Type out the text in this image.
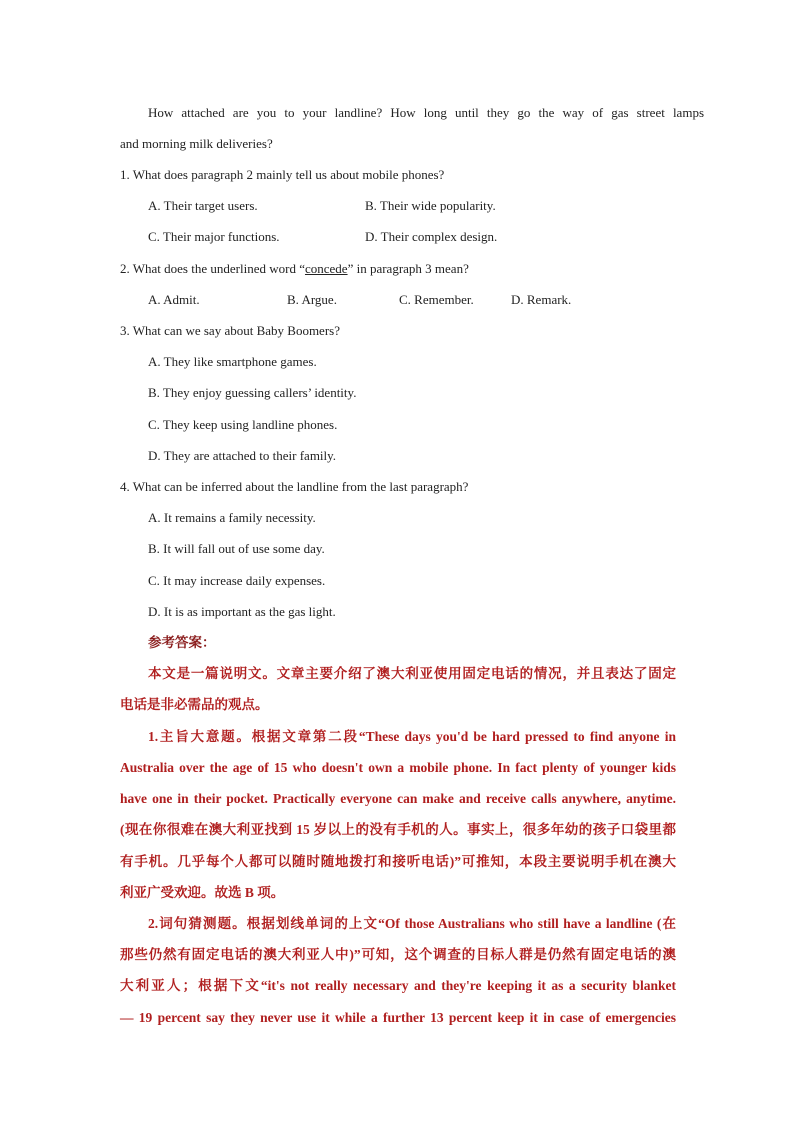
How attached are you to your landline? How long until they go the way of gas street lamps
and morning milk deliveries?
1. What does paragraph 2 mainly tell us about mobile phones?
A. Their target users.	B. Their wide popularity.
C. Their major functions.	D. Their complex design.
2. What does the underlined word “concede” in paragraph 3 mean?
A. Admit.	B. Argue.	C. Remember.	D. Remark.
3. What can we say about Baby Boomers?
A. They like smartphone games.
B. They enjoy guessing callers’ identity.
C. They keep using landline phones.
D. They are attached to their family.
4. What can be inferred about the landline from the last paragraph?
A. It remains a family necessity.
B. It will fall out of use some day.
C. It may increase daily expenses.
D. It is as important as the gas light.
参考答案：
本文是一篇说明文。文章主要介绍了澳大利亚使用固定电话的情况，并且表达了固定
电话是非必需品的观点。
1.主旨大意题。根据文章第二段“These days you'd be hard pressed to find anyone in
Australia over the age of 15 who doesn't own a mobile phone. In fact plenty of younger kids
have one in their pocket. Practically everyone can make and receive calls anywhere, anytime.
(现在你很难在澳大利亚找到 15 岁以上的没有手机的人。事实上，很多年幼的孩子口袋里都
有手机。几乎每个人都可以随时随地拨打和接听电话)”可推知，本段主要说明手机在澳大
利亚广受欢迎。故选 B 项。
2.词句猜测题。根据划线单词的上文“Of those Australians who still have a landline (在
那些仍然有固定电话的澳大利亚人中)”可知，这个调查的目标人群是仍然有固定电话的澳
大利亚人；根据下文“it's not really necessary and they're keeping it as a security blanket
— 19 percent say they never use it while a further 13 percent keep it in case of emergencies
